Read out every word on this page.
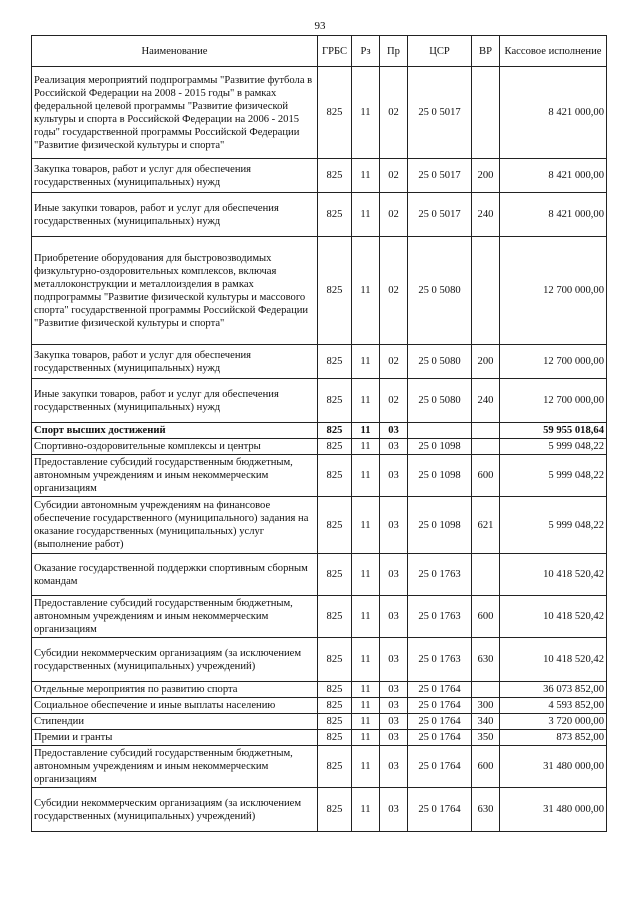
93
Наименование	ГРБС	Рз	Пр	ЦСР	ВР	Кассовое исполнение
Реализация мероприятий подпрограммы "Развитие футбола в Российской Федерации на 2008 - 2015 годы" в рамках федеральной целевой программы "Развитие физической культуры и спорта в Российской Федерации на 2006 - 2015 годы" государственной программы Российской Федерации "Развитие физической культуры и спорта"	825	11	02	25 0 5017		8 421 000,00
Закупка товаров, работ и услуг для обеспечения государственных (муниципальных) нужд	825	11	02	25 0 5017	200	8 421 000,00
Иные закупки товаров, работ и услуг для обеспечения государственных (муниципальных) нужд	825	11	02	25 0 5017	240	8 421 000,00
Приобретение оборудования для быстровозводимых физкультурно-оздоровительных комплексов, включая металлоконструкции и металлоизделия в рамках подпрограммы "Развитие физической культуры и массового спорта" государственной программы Российской Федерации "Развитие физической культуры и спорта"	825	11	02	25 0 5080		12 700 000,00
Закупка товаров, работ и услуг для обеспечения государственных (муниципальных) нужд	825	11	02	25 0 5080	200	12 700 000,00
Иные закупки товаров, работ и услуг для обеспечения государственных (муниципальных) нужд	825	11	02	25 0 5080	240	12 700 000,00
Спорт высших достижений	825	11	03			59 955 018,64
Спортивно-оздоровительные комплексы и центры	825	11	03	25 0 1098		5 999 048,22
Предоставление субсидий государственным бюджетным, автономным учреждениям и иным некоммерческим организациям	825	11	03	25 0 1098	600	5 999 048,22
Субсидии автономным учреждениям на финансовое обеспечение государственного (муниципального) задания на оказание государственных (муниципальных) услуг (выполнение работ)	825	11	03	25 0 1098	621	5 999 048,22
Оказание государственной поддержки спортивным сборным командам	825	11	03	25 0 1763		10 418 520,42
Предоставление субсидий государственным бюджетным, автономным учреждениям и иным некоммерческим организациям	825	11	03	25 0 1763	600	10 418 520,42
Субсидии некоммерческим организациям (за исключением государственных (муниципальных) учреждений)	825	11	03	25 0 1763	630	10 418 520,42
Отдельные мероприятия по развитию спорта	825	11	03	25 0 1764		36 073 852,00
Социальное обеспечение и иные выплаты населению	825	11	03	25 0 1764	300	4 593 852,00
Стипендии	825	11	03	25 0 1764	340	3 720 000,00
Премии и гранты	825	11	03	25 0 1764	350	873 852,00
Предоставление субсидий государственным бюджетным, автономным учреждениям и иным некоммерческим организациям	825	11	03	25 0 1764	600	31 480 000,00
Субсидии некоммерческим организациям (за исключением государственных (муниципальных) учреждений)	825	11	03	25 0 1764	630	31 480 000,00
